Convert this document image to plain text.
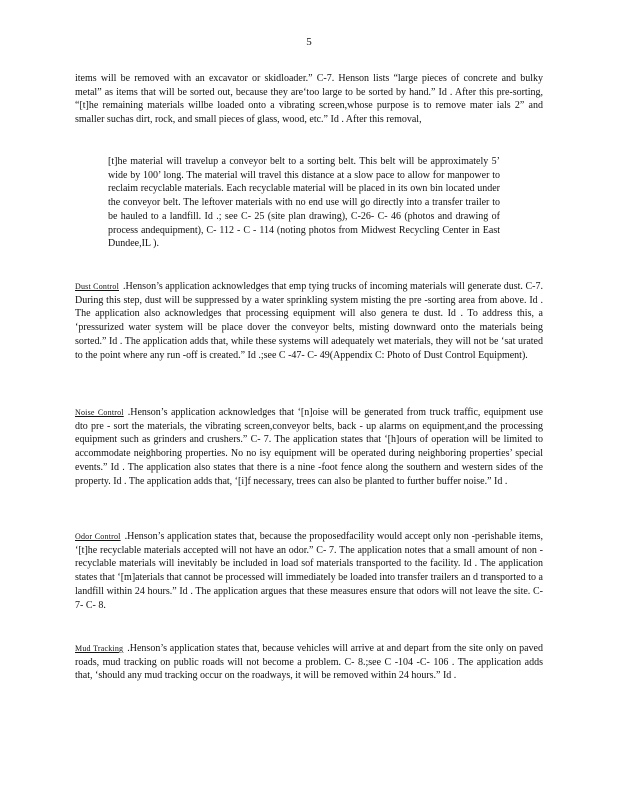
5

items will be removed with an excavator or skidloader.” C-7. Henson lists “large pieces of concrete and bulky metal” as items that will be sorted out, because they are‘too large to be sorted by hand.” Id . After this pre-sorting, “[t]he remaining materials willbe loaded onto a vibrating screen,whose purpose is to remove mater ials 2” and smaller suchas dirt, rock, and small pieces of glass, wood, etc.” Id . After this removal,

[t]he material will travelup a conveyor belt to a sorting belt. This belt will be approximately 5’ wide by 100’ long. The material will travel this distance at a slow pace to allow for manpower to reclaim recyclable materials. Each recyclable material will be placed in its own bin located under the conveyor belt. The leftover materials with no end use will go directly into a transfer trailer to be hauled to a landfill. Id .; see C- 25 (site plan drawing), C-26- C- 46 (photos and drawing of process andequipment), C- 112 - C - 114 (noting photos from Midwest Recycling Center in East Dundee,IL ).

Dust Control .Henson’s application acknowledges that emp tying trucks of incoming materials will generate dust. C-7. During this step, dust will be suppressed by a water sprinkling system misting the pre -sorting area from above. Id . The application also acknowledges that processing equipment will also genera te dust. Id . To address this, a ‘pressurized water system will be place dover the conveyor belts, misting downward onto the materials being sorted.” Id . The application adds that, while these systems will adequately wet materials, they will not be ‘sat urated to the point where any run -off is created.” Id .;see C -47- C- 49(Appendix C: Photo of Dust Control Equipment).

Noise Control .Henson’s application acknowledges that ‘[n]oise will be generated from truck traffic, equipment use dto pre - sort the materials, the vibrating screen,conveyor belts, back - up alarms on equipment,and the processing equipment such as grinders and crushers.” C- 7. The application states that ‘[h]ours of operation will be limited to accommodate neighboring properties. No no isy equipment will be operated during neighboring properties’ special events.” Id . The application also states that there is a nine -foot fence along the southern and western sides of the property. Id . The application adds that, ‘[i]f necessary, trees can also be planted to further buffer noise.” Id .

Odor Control .Henson’s application states that, because the proposedfacility would accept only non -perishable items, ‘[t]he recyclable materials accepted will not have an odor.” C- 7. The application notes that a small amount of non -recyclable materials will inevitably be included in load sof materials transported to the facility. Id . The application states that ‘[m]aterials that cannot be processed will immediately be loaded into transfer trailers an d transported to a landfill within 24 hours.” Id . The application argues that these measures ensure that odors will not leave the site. C-7- C- 8.

Mud Tracking .Henson’s application states that, because vehicles will arrive at and depart from the site only on paved roads, mud tracking on public roads will not become a problem. C- 8.;see C -104 -C- 106 . The application adds that, ‘should any mud tracking occur on the roadways, it will be removed within 24 hours.” Id .
